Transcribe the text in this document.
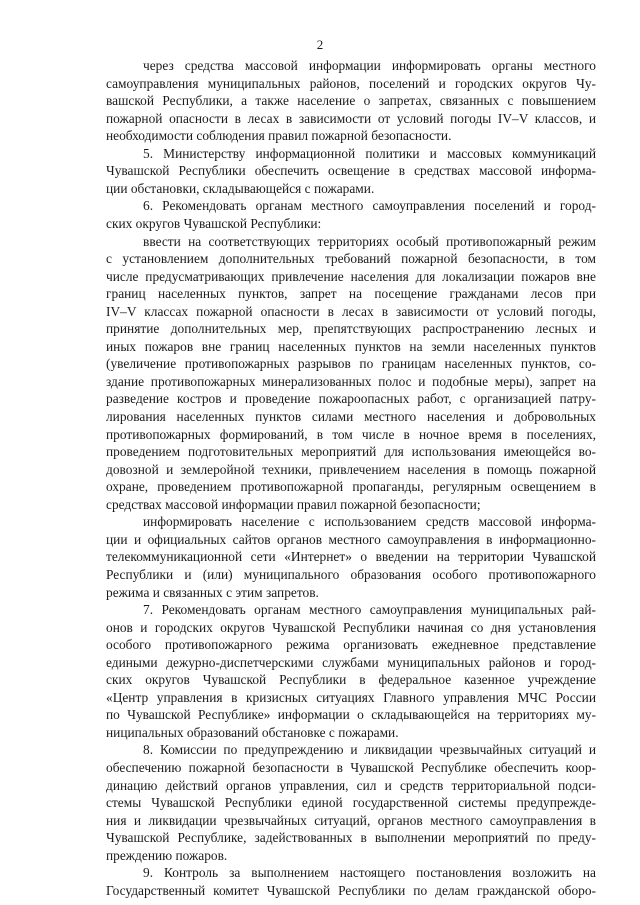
2
через средства массовой информации информировать органы местного
самоуправления муниципальных районов, поселений и городских округов Чу-
вашской Республики, а также население о запретах, связанных с повышением
пожарной опасности в лесах в зависимости от условий погоды IV–V классов, и
необходимости соблюдения правил пожарной безопасности.
5. Министерству информационной политики и массовых коммуникаций
Чувашской Республики обеспечить освещение в средствах массовой информа-
ции обстановки, складывающейся с пожарами.
6. Рекомендовать органам местного самоуправления поселений и город-
ских округов Чувашской Республики:
ввести на соответствующих территориях особый противопожарный режим
с установлением дополнительных требований пожарной безопасности, в том
числе предусматривающих привлечение населения для локализации пожаров вне
границ населенных пунктов, запрет на посещение гражданами лесов при
IV–V классах пожарной опасности в лесах в зависимости от условий погоды,
принятие дополнительных мер, препятствующих распространению лесных и
иных пожаров вне границ населенных пунктов на земли населенных пунктов
(увеличение противопожарных разрывов по границам населенных пунктов, со-
здание противопожарных минерализованных полос и подобные меры), запрет на
разведение костров и проведение пожароопасных работ, с организацией патру-
лирования населенных пунктов силами местного населения и добровольных
противопожарных формирований, в том числе в ночное время в поселениях,
проведением подготовительных мероприятий для использования имеющейся во-
довозной и землеройной техники, привлечением населения в помощь пожарной
охране, проведением противопожарной пропаганды, регулярным освещением в
средствах массовой информации правил пожарной безопасности;
информировать население с использованием средств массовой информа-
ции и официальных сайтов органов местного самоуправления в информационно-
телекоммуникационной сети «Интернет» о введении на территории Чувашской
Республики и (или) муниципального образования особого противопожарного
режима и связанных с этим запретов.
7. Рекомендовать органам местного самоуправления муниципальных рай-
онов и городских округов Чувашской Республики начиная со дня установления
особого противопожарного режима организовать ежедневное представление
едиными дежурно-диспетчерскими службами муниципальных районов и город-
ских округов Чувашской Республики в федеральное казенное учреждение
«Центр управления в кризисных ситуациях Главного управления МЧС России
по Чувашской Республике» информации о складывающейся на территориях му-
ниципальных образований обстановке с пожарами.
8. Комиссии по предупреждению и ликвидации чрезвычайных ситуаций и
обеспечению пожарной безопасности в Чувашской Республике обеспечить коор-
динацию действий органов управления, сил и средств территориальной подси-
стемы Чувашской Республики единой государственной системы предупрежде-
ния и ликвидации чрезвычайных ситуаций, органов местного самоуправления в
Чувашской Республике, задействованных в выполнении мероприятий по преду-
преждению пожаров.
9. Контроль за выполнением настоящего постановления возложить на
Государственный комитет Чувашской Республики по делам гражданской оборо-
